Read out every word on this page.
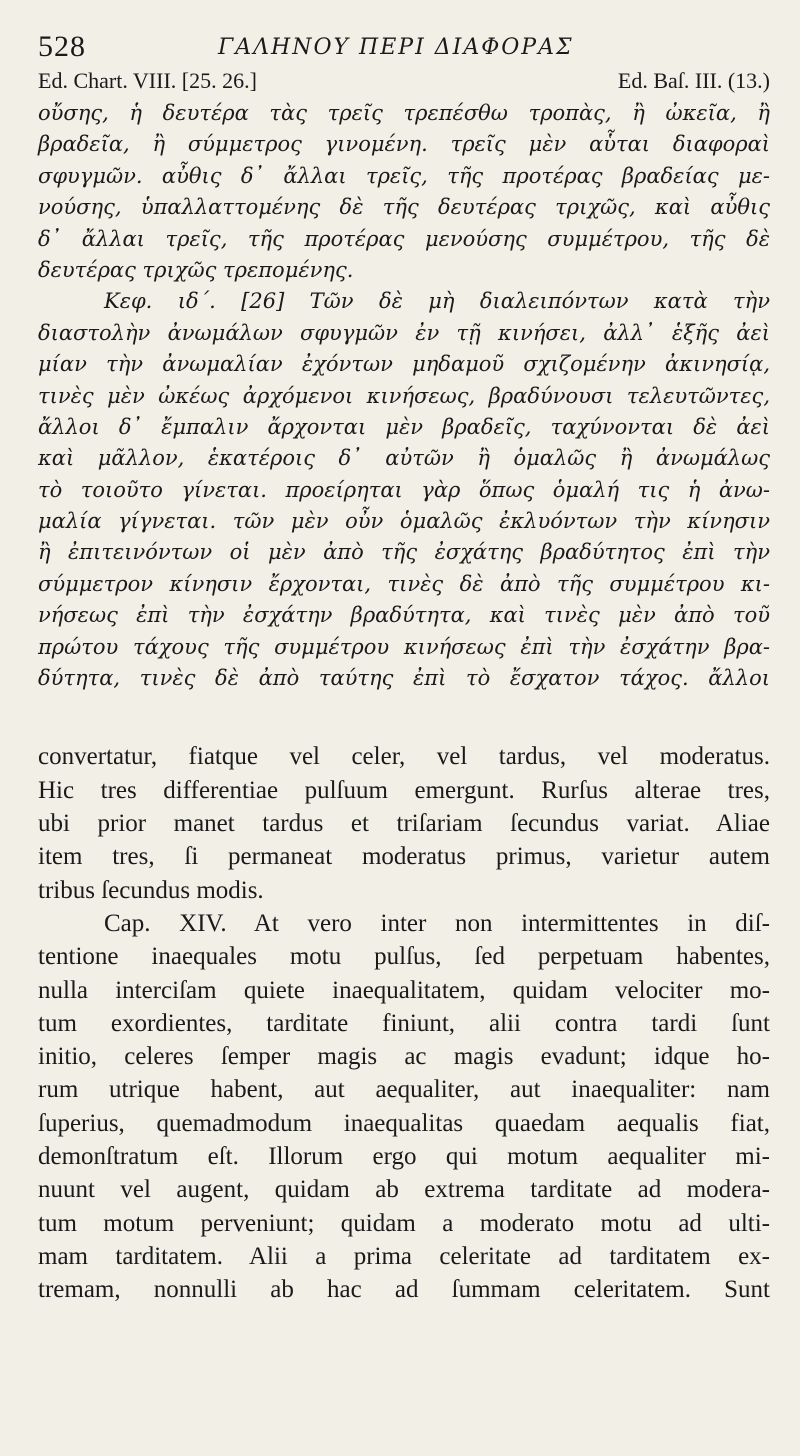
528	ΓΑΛΗΝΟΥ ΠΕΡΙ ΔΙΑΦΟΡΑΣ
Ed. Chart. VIII. [25. 26.]	Ed. Baſ. III. (13.)
οὔσης, ἡ δευτέρα τὰς τρεῖς τρεπέσθω τροπὰς, ἢ ὠκεῖα, ἢ
βραδεῖα, ἢ σύμμετρος γινομένη. τρεῖς μὲν αὗται διαφοραὶ
σφυγμῶν. αὖθις δ᾽ ἄλλαι τρεῖς, τῆς προτέρας βραδείας με-
νούσης, ὑπαλλαττομένης δὲ τῆς δευτέρας τριχῶς, καὶ αὖθις
δ᾽ ἄλλαι τρεῖς, τῆς προτέρας μενούσης συμμέτρου, τῆς δὲ
δευτέρας τριχῶς τρεπομένης.
Κεφ. ιδ΄. [26] Τῶν δὲ μὴ διαλειπόντων κατὰ τὴν
διαστολὴν ἀνωμάλων σφυγμῶν ἐν τῇ κινήσει, ἀλλ᾽ ἑξῆς ἀεὶ
μίαν τὴν ἀνωμαλίαν ἐχόντων μηδαμοῦ σχιζομένην ἀκινησίᾳ,
τινὲς μὲν ὠκέως ἀρχόμενοι κινήσεως, βραδύνουσι τελευτῶντες,
ἄλλοι δ᾽ ἔμπαλιν ἄρχονται μὲν βραδεῖς, ταχύνονται δὲ ἀεὶ
καὶ μᾶλλον, ἑκατέροις δ᾽ αὐτῶν ἢ ὁμαλῶς ἢ ἀνωμάλως
τὸ τοιοῦτο γίνεται. προείρηται γὰρ ὅπως ὁμαλή τις ἡ ἀνω-
μαλία γίγνεται. τῶν μὲν οὖν ὁμαλῶς ἐκλυόντων τὴν κίνησιν
ἢ ἐπιτεινόντων οἱ μὲν ἀπὸ τῆς ἐσχάτης βραδύτητος ἐπὶ τὴν
σύμμετρον κίνησιν ἔρχονται, τινὲς δὲ ἀπὸ τῆς συμμέτρου κι-
νήσεως ἐπὶ τὴν ἐσχάτην βραδύτητα, καὶ τινὲς μὲν ἀπὸ τοῦ
πρώτου τάχους τῆς συμμέτρου κινήσεως ἐπὶ τὴν ἐσχάτην βρα-
δύτητα, τινὲς δὲ ἀπὸ ταύτης ἐπὶ τὸ ἔσχατον τάχος. ἄλλοι
convertatur, fiatque vel celer, vel tardus, vel moderatus.
Hic tres differentiae pulſuum emergunt. Rurſus alterae tres,
ubi prior manet tardus et triſariam ſecundus variat. Aliae
item tres, ſi permaneat moderatus primus, varietur autem
tribus ſecundus modis.
Cap. XIV. At vero inter non intermittentes in diſ-
tentione inaequales motu pulſus, ſed perpetuam habentes,
nulla interciſam quiete inaequalitatem, quidam velociter mo-
tum exordientes, tarditate finiunt, alii contra tardi ſunt
initio, celeres ſemper magis ac magis evadunt; idque ho-
rum utrique habent, aut aequaliter, aut inaequaliter: nam
ſuperius, quemadmodum inaequalitas quaedam aequalis fiat,
demonſtratum eſt. Illorum ergo qui motum aequaliter mi-
nuunt vel augent, quidam ab extrema tarditate ad modera-
tum motum perveniunt; quidam a moderato motu ad ulti-
mam tarditatem. Alii a prima celeritate ad tarditatem ex-
tremam, nonnulli ab hac ad ſummam celeritatem. Sunt
